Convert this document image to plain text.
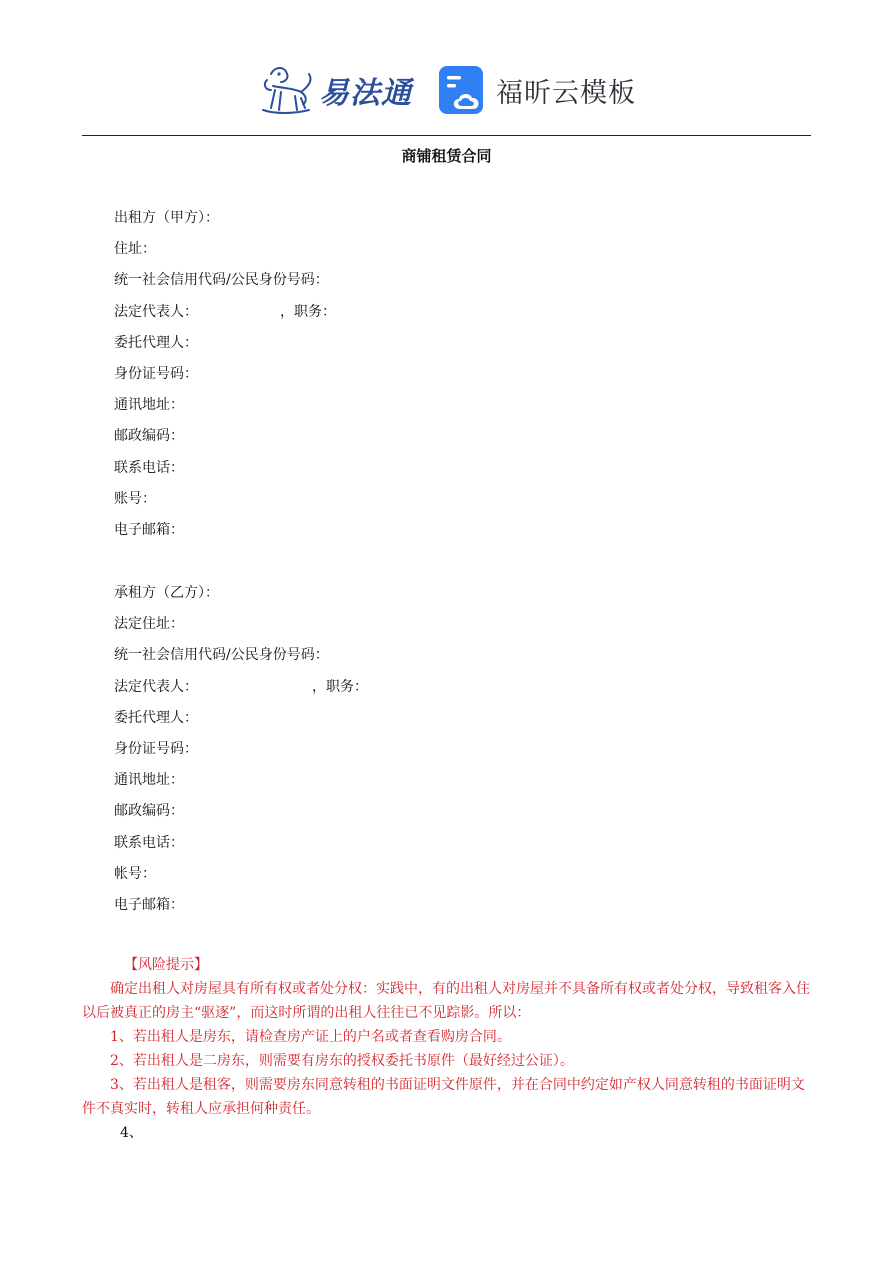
易法通	福昕云模板
商铺租赁合同
出租方（甲方）：
住址：
统一社会信用代码/公民身份号码：
法定代表人：	，职务：
委托代理人：
身份证号码：
通讯地址：
邮政编码：
联系电话：
账号：
电子邮箱：
承租方（乙方）：
法定住址：
统一社会信用代码/公民身份号码：
法定代表人：	，职务：
委托代理人：
身份证号码：
通讯地址：
邮政编码：
联系电话：
帐号：
电子邮箱：
【风险提示】

确定出租人对房屋具有所有权或者处分权：实践中，有的出租人对房屋并不具备所有权或者处分权，导致租客入住以后被真正的房主“驱逐”，而这时所谓的出租人往往已不见踪影。所以：

1、若出租人是房东，请检查房产证上的户名或者查看购房合同。

2、若出租人是二房东，则需要有房东的授权委托书原件（最好经过公证）。

3、若出租人是租客，则需要房东同意转租的书面证明文件原件，并在合同中约定如产权人同意转租的书面证明文件不真实时，转租人应承担何种责任。

4、
